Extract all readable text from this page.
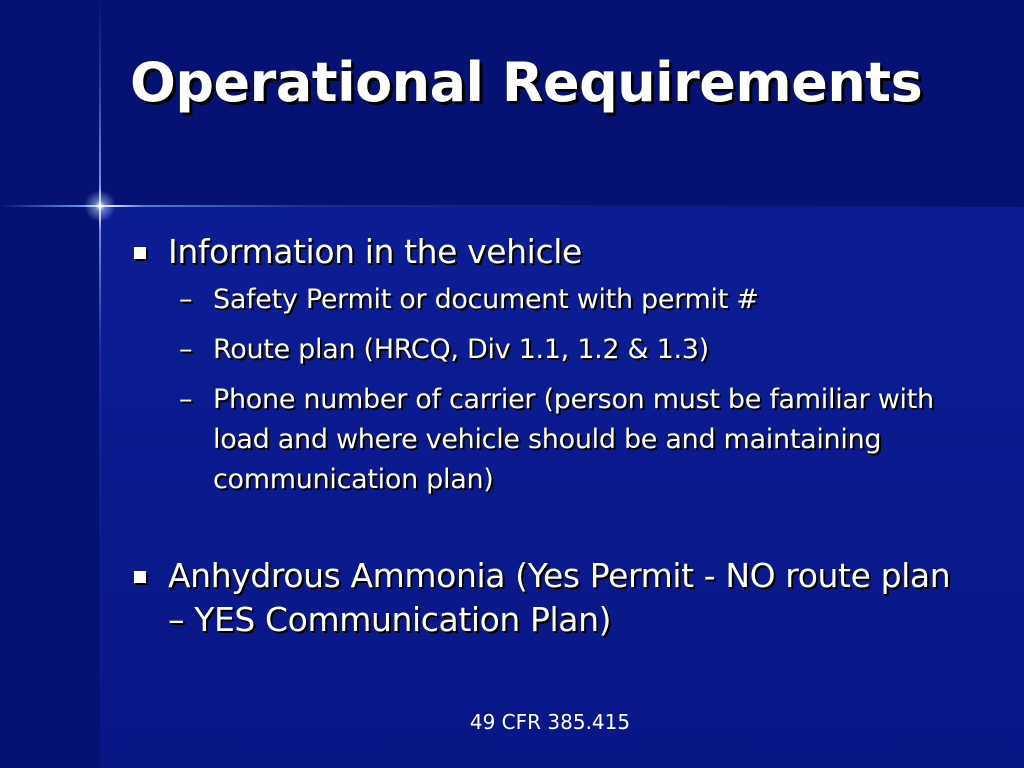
Operational Requirements
Information in the vehicle
– Safety Permit or document with permit #
– Route plan (HRCQ, Div 1.1, 1.2 & 1.3)
– Phone number of carrier (person must be familiar with load and where vehicle should be and maintaining communication plan)
Anhydrous Ammonia (Yes Permit - NO route plan – YES Communication Plan)
49 CFR 385.415
